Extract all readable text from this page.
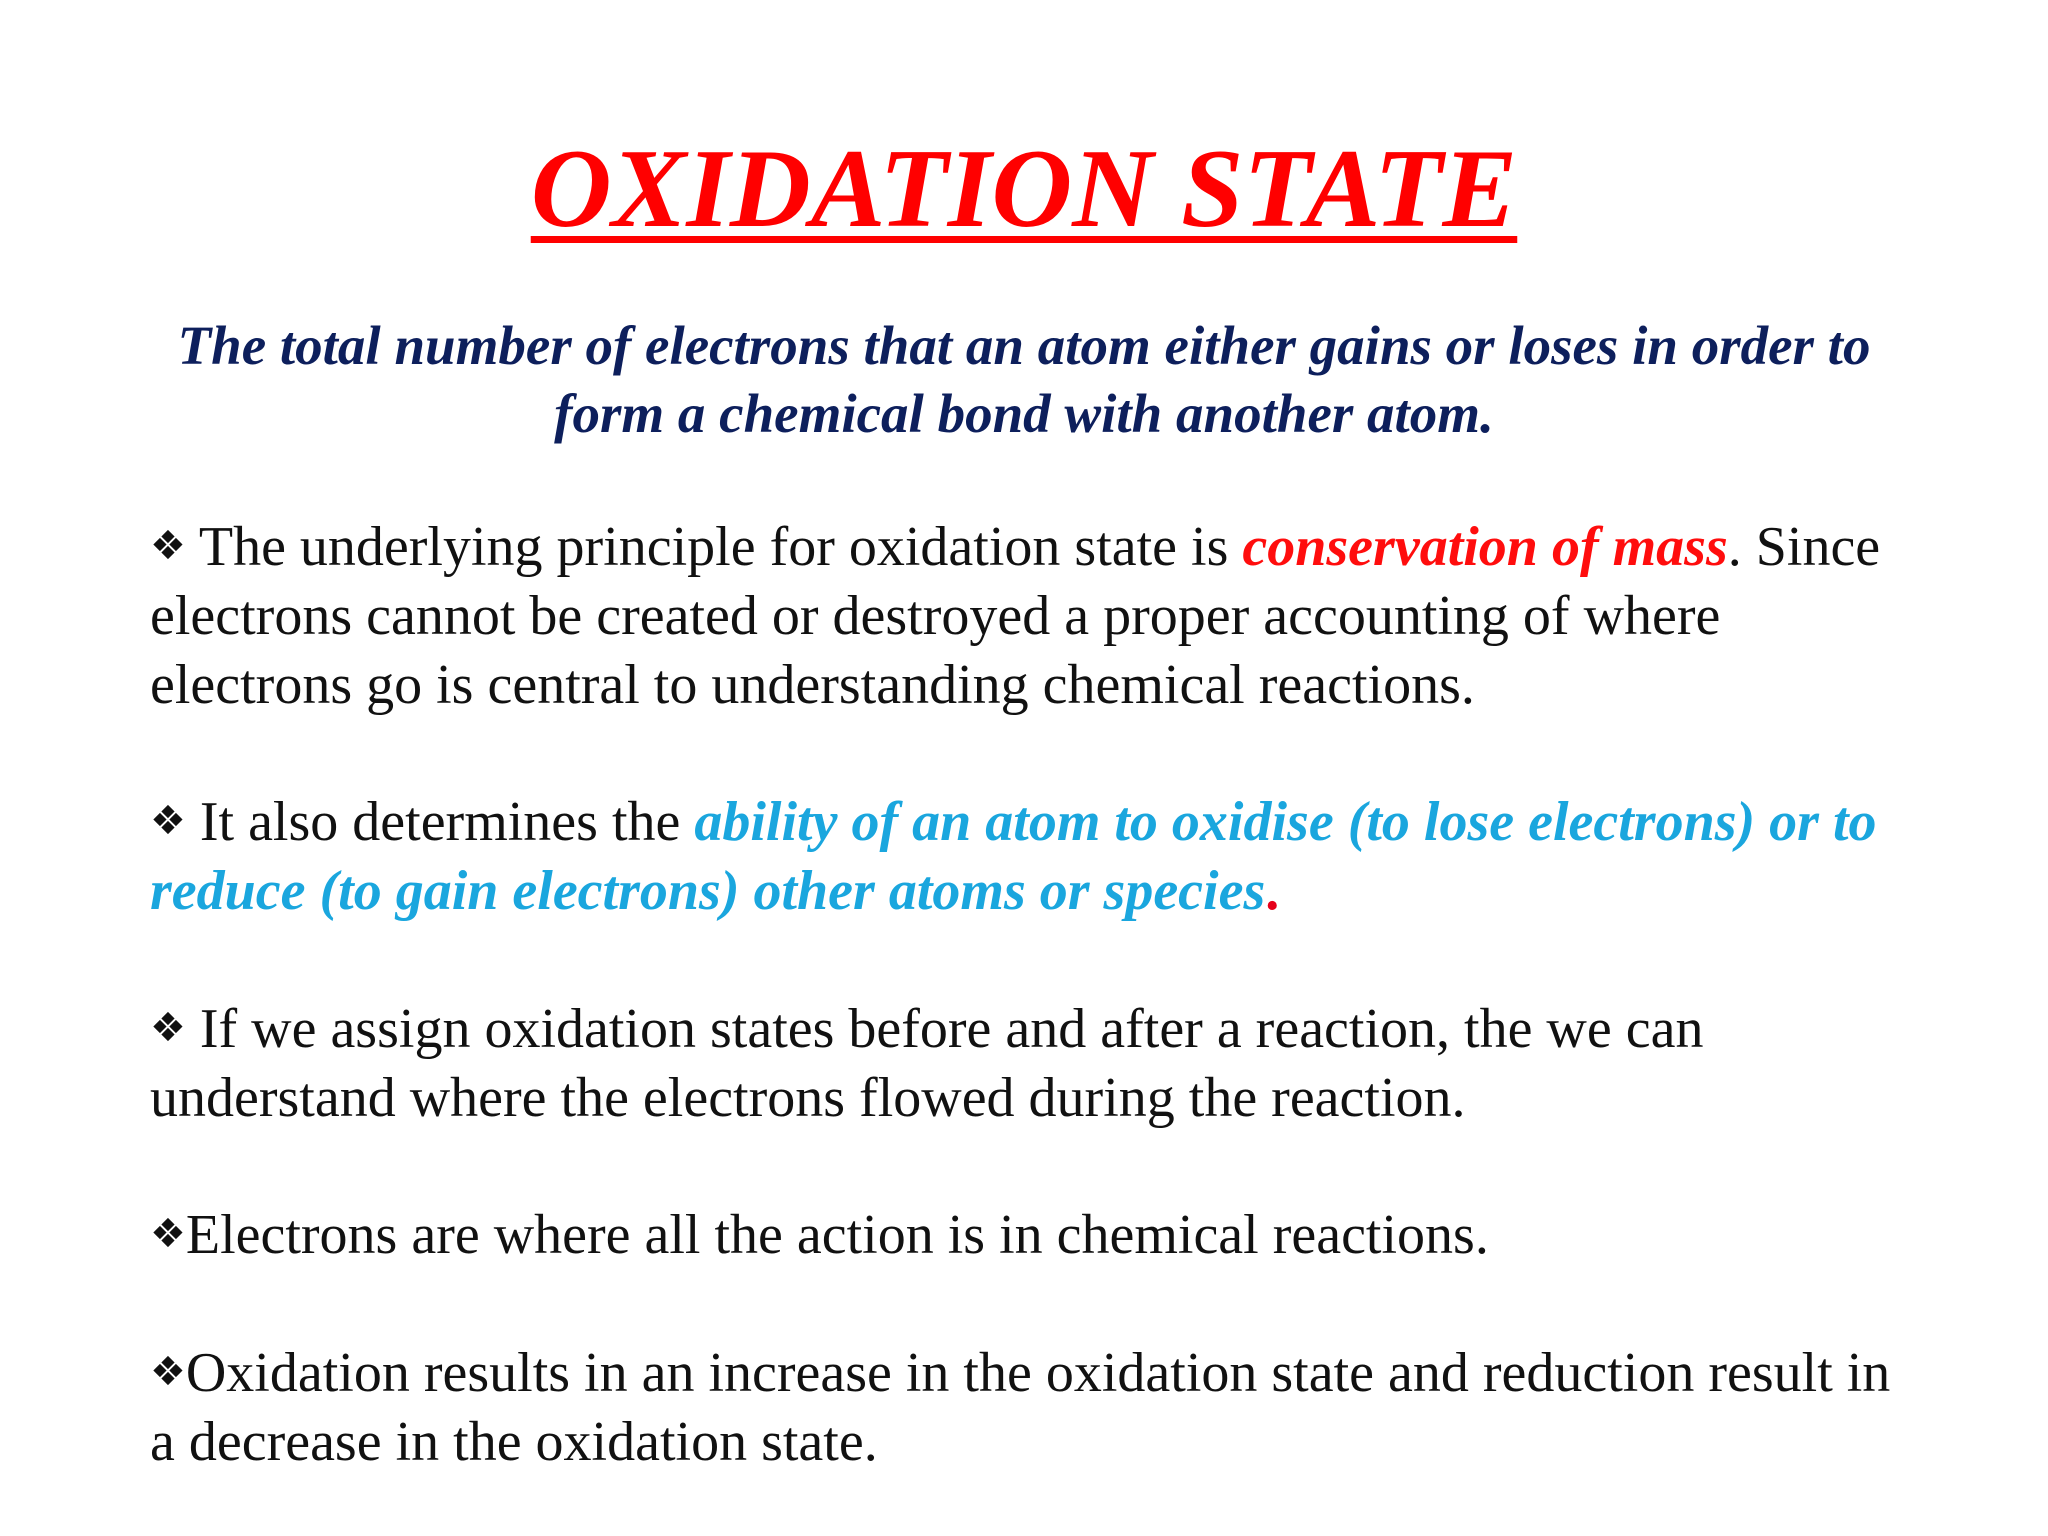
OXIDATION STATE

The total number of electrons that an atom either gains or loses in order to form a chemical bond with another atom.

❖ The underlying principle for oxidation state is conservation of mass. Since electrons cannot be created or destroyed a proper accounting of where electrons go is central to understanding chemical reactions.

❖ It also determines the ability of an atom to oxidise (to lose electrons) or to reduce (to gain electrons) other atoms or species.

❖ If we assign oxidation states before and after a reaction, the we can understand where the electrons flowed during the reaction.

❖Electrons are where all the action is in chemical reactions.

❖Oxidation results in an increase in the oxidation state and reduction result in a decrease in the oxidation state.
